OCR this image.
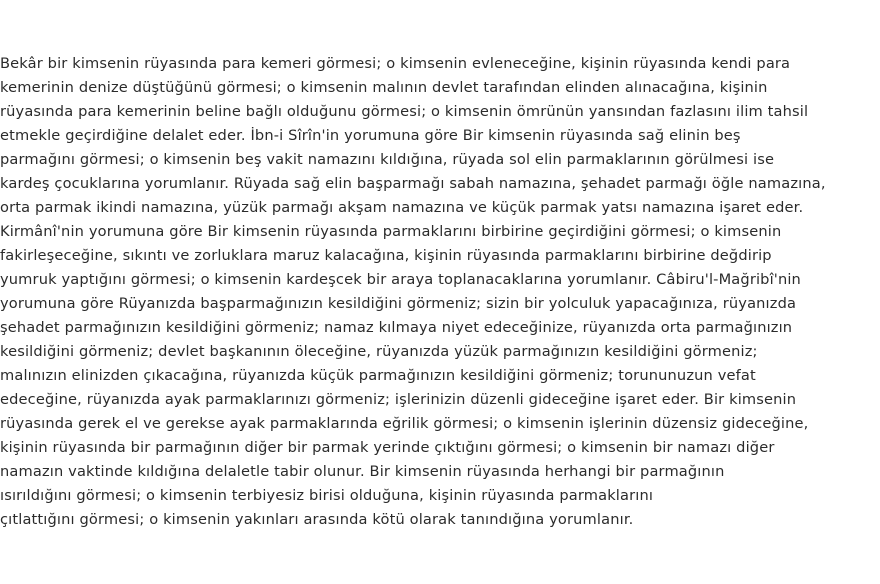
Bekâr bir kimsenin rüyasında para kemeri görmesi; o kimsenin evleneceğine, kişinin rüyasında kendi para
kemerinin denize düştüğünü görmesi; o kimsenin malının devlet tarafından elinden alınacağına, kişinin
rüyasında para kemerinin beline bağlı olduğunu görmesi; o kimsenin ömrünün yansından fazlasını ilim tahsil
etmekle geçirdiğine delalet eder. İbn-i Sîrîn'in yorumuna göre Bir kimsenin rüyasında sağ elinin beş
parmağını görmesi; o kimsenin beş vakit namazını kıldığına, rüyada sol elin parmaklarının görülmesi ise
kardeş çocuklarına yorumlanır. Rüyada sağ elin başparmağı sabah namazına, şehadet parmağı öğle namazına,
orta parmak ikindi namazına, yüzük parmağı akşam namazına ve küçük parmak yatsı namazına işaret eder.
Kirmânî'nin yorumuna göre Bir kimsenin rüyasında parmaklarını birbirine geçirdiğini görmesi; o kimsenin
fakirleşeceğine, sıkıntı ve zorluklara maruz kalacağına, kişinin rüyasında parmaklarını birbirine değdirip
yumruk yaptığını görmesi; o kimsenin kardeşcek bir araya toplanacaklarına yorumlanır. Câbiru'l-Mağribî'nin
yorumuna göre Rüyanızda başparmağınızın kesildiğini görmeniz; sizin bir yolculuk yapacağınıza, rüyanızda
şehadet parmağınızın kesildiğini görmeniz; namaz kılmaya niyet edeceğinize, rüyanızda orta parmağınızın
kesildiğini görmeniz; devlet başkanının öleceğine, rüyanızda yüzük parmağınızın kesildiğini görmeniz;
malınızın elinizden çıkacağına, rüyanızda küçük parmağınızın kesildiğini görmeniz; torununuzun vefat
edeceğine, rüyanızda ayak parmaklarınızı görmeniz; işlerinizin düzenli gideceğine işaret eder. Bir kimsenin
rüyasında gerek el ve gerekse ayak parmaklarında eğrilik görmesi; o kimsenin işlerinin düzensiz gideceğine,
kişinin rüyasında bir parmağının diğer bir parmak yerinde çıktığını görmesi; o kimsenin bir namazı diğer
namazın vaktinde kıldığına delaletle tabir olunur. Bir kimsenin rüyasında herhangi bir parmağının
ısırıldığını görmesi; o kimsenin terbiyesiz birisi olduğuna, kişinin rüyasında parmaklarını
çıtlattığını görmesi; o kimsenin yakınları arasında kötü olarak tanındığına yorumlanır.
